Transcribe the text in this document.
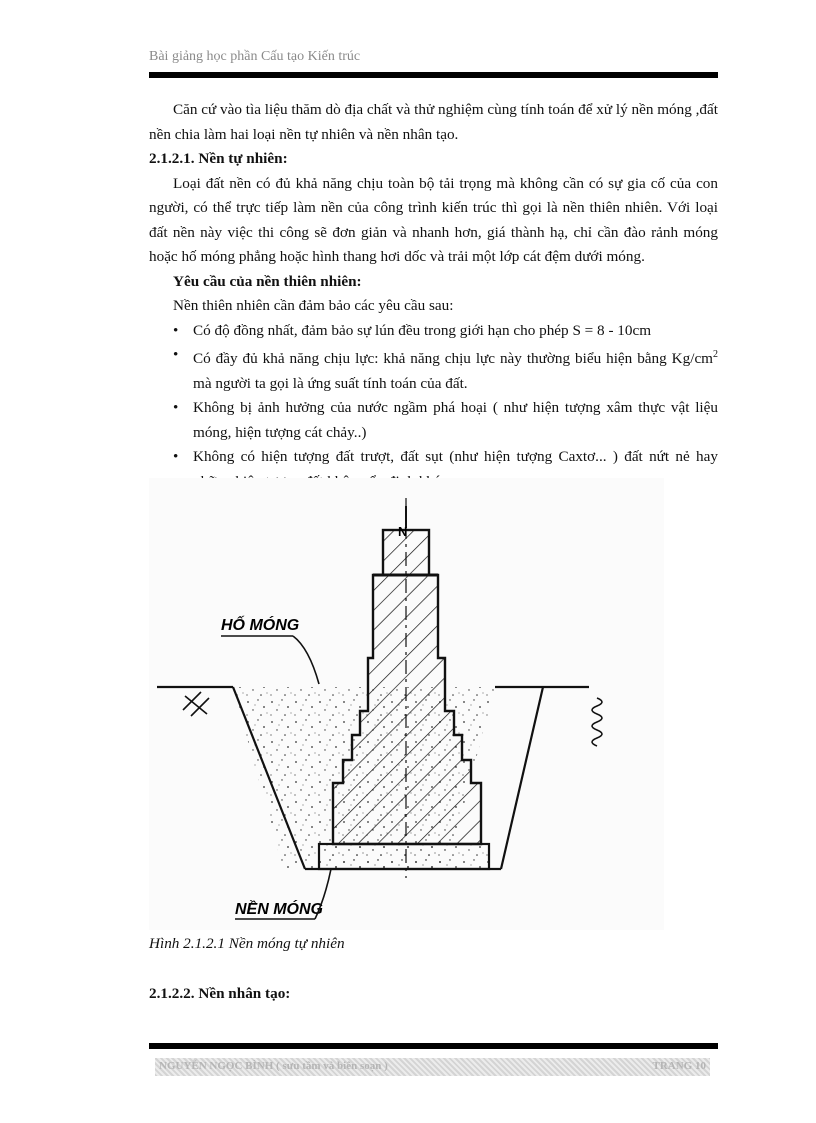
Bài giảng học phần Cấu tạo Kiến trúc

Căn cứ vào tìa liệu thăm dò địa chất và thử nghiệm cùng tính toán để xử lý nền móng ,đất nền chia làm hai loại nền tự nhiên và nền nhân tạo.

2.1.2.1. Nền tự nhiên:

Loại đất nền có đủ khả năng chịu toàn bộ tải trọng mà không cần có sự gia cố của con người, có thể trực tiếp làm nền của công trình kiến trúc thì gọi là nền thiên nhiên. Với loại đất nền này việc thi công sẽ đơn giản và nhanh hơn, giá thành hạ, chỉ cần đào rảnh móng hoặc hố móng phẳng hoặc hình thang hơi dốc và trải một lớp cát đệm dưới móng.

Yêu cầu của nền thiên nhiên:

Nền thiên nhiên cần đảm bảo các yêu cầu sau:

• Có độ đồng nhất, đảm bảo sự lún đều trong giới hạn cho phép S = 8 - 10cm
• Có đầy đủ khả năng chịu lực: khả năng chịu lực này thường biểu hiện bằng $Kg/cm^2$ mà người ta gọi là ứng suất tính toán của đất.
• Không bị ảnh hưởng của nước ngầm phá hoại ( như hiện tượng xâm thực vật liệu móng, hiện tượng cát chảy..)
• Không có hiện tượng đất trượt, đất sụt (như hiện tượng Caxtơ... ) đất nứt nẻ hay
N
HỐ MÓNG
NỀN MÓNG
Hình 2.1.2.1 Nền móng tự nhiên
2.1.2.2. Nền nhân tạo:
NGUYỄN NGỌC BÌNH ( sưu tầm và biên soạn )	TRANG 10
